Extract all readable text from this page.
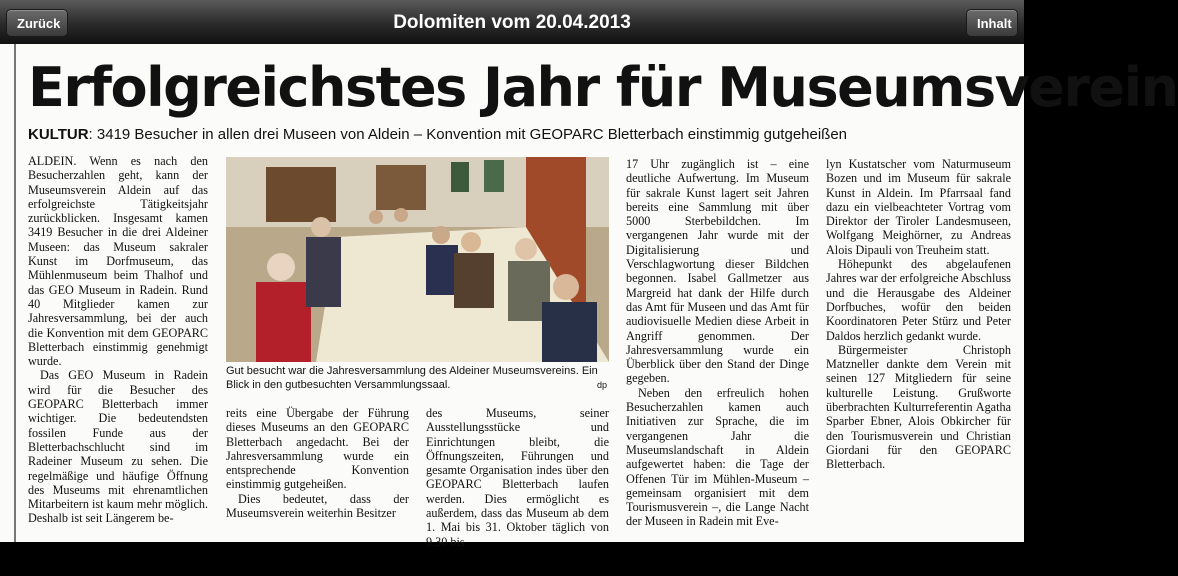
Zurück	Dolomiten vom 20.04.2013	Inhalt
Erfolgreichstes Jahr für Museumsverein
KULTUR: 3419 Besucher in allen drei Museen von Aldein – Konvention mit GEOPARC Bletterbach einstimmig gutgeheißen

ALDEIN. Wenn es nach den Besucherzahlen geht, kann der Museumsverein Aldein auf das erfolgreichste Tätigkeitsjahr zurückblicken. Insgesamt kamen 3419 Besucher in die drei Aldeiner Museen: das Museum sakraler Kunst im Dorfmuseum, das Mühlenmuseum beim Thalhof und das GEO Museum in Radein. Rund 40 Mitglieder kamen zur Jahresversammlung, bei der auch die Konvention mit dem GEOPARC Bletterbach einstimmig genehmigt wurde.

Das GEO Museum in Radein wird für die Besucher des GEOPARC Bletterbach immer wichtiger. Die bedeutendsten fossilen Funde aus der Bletterbachschlucht sind im Radeiner Museum zu sehen. Die regelmäßige und häufige Öffnung des Museums mit ehrenamtlichen Mitarbeitern ist kaum mehr möglich. Deshalb ist seit Längerem be-

Gut besucht war die Jahresversammlung des Aldeiner Museumsvereins. Ein Blick in den gutbesuchten Versammlungssaal.	dp

reits eine Übergabe der Führung dieses Museums an den GEOPARC Bletterbach angedacht. Bei der Jahresversammlung wurde ein entsprechende Konvention einstimmig gutgeheißen.

Dies bedeutet, dass der Museumsverein weiterhin Besitzer

des Museums, seiner Ausstellungsstücke und Einrichtungen bleibt, die Öffnungszeiten, Führungen und gesamte Organisation indes über den GEOPARC Bletterbach laufen werden. Dies ermöglicht es außerdem, dass das Museum ab dem 1. Mai bis 31. Oktober täglich von 9.30 bis

17 Uhr zugänglich ist – eine deutliche Aufwertung. Im Museum für sakrale Kunst lagert seit Jahren bereits eine Sammlung mit über 5000 Sterbebildchen. Im vergangenen Jahr wurde mit der Digitalisierung und Verschlagwortung dieser Bildchen begonnen. Isabel Gallmetzer aus Margreid hat dank der Hilfe durch das Amt für Museen und das Amt für audiovisuelle Medien diese Arbeit in Angriff genommen. Der Jahresversammlung wurde ein Überblick über den Stand der Dinge gegeben.

Neben den erfreulich hohen Besucherzahlen kamen auch Initiativen zur Sprache, die im vergangenen Jahr die Museumslandschaft in Aldein aufgewertet haben: die Tage der Offenen Tür im Mühlen-Museum – gemeinsam organisiert mit dem Tourismusverein –, die Lange Nacht der Museen in Radein mit Eve-

lyn Kustatscher vom Naturmuseum Bozen und im Museum für sakrale Kunst in Aldein. Im Pfarrsaal fand dazu ein vielbeachteter Vortrag vom Direktor der Tiroler Landesmuseen, Wolfgang Meighörner, zu Andreas Alois Dipauli von Treuheim statt.

Höhepunkt des abgelaufenen Jahres war der erfolgreiche Abschluss und die Herausgabe des Aldeiner Dorfbuches, wofür den beiden Koordinatoren Peter Stürz und Peter Daldos herzlich gedankt wurde.

Bürgermeister Christoph Matzneller dankte dem Verein mit seinen 127 Mitgliedern für seine kulturelle Leistung. Grußworte überbrachten Kulturreferentin Agatha Sparber Ebner, Alois Obkircher für den Tourismusverein und Christian Giordani für den GEOPARC Bletterbach.
